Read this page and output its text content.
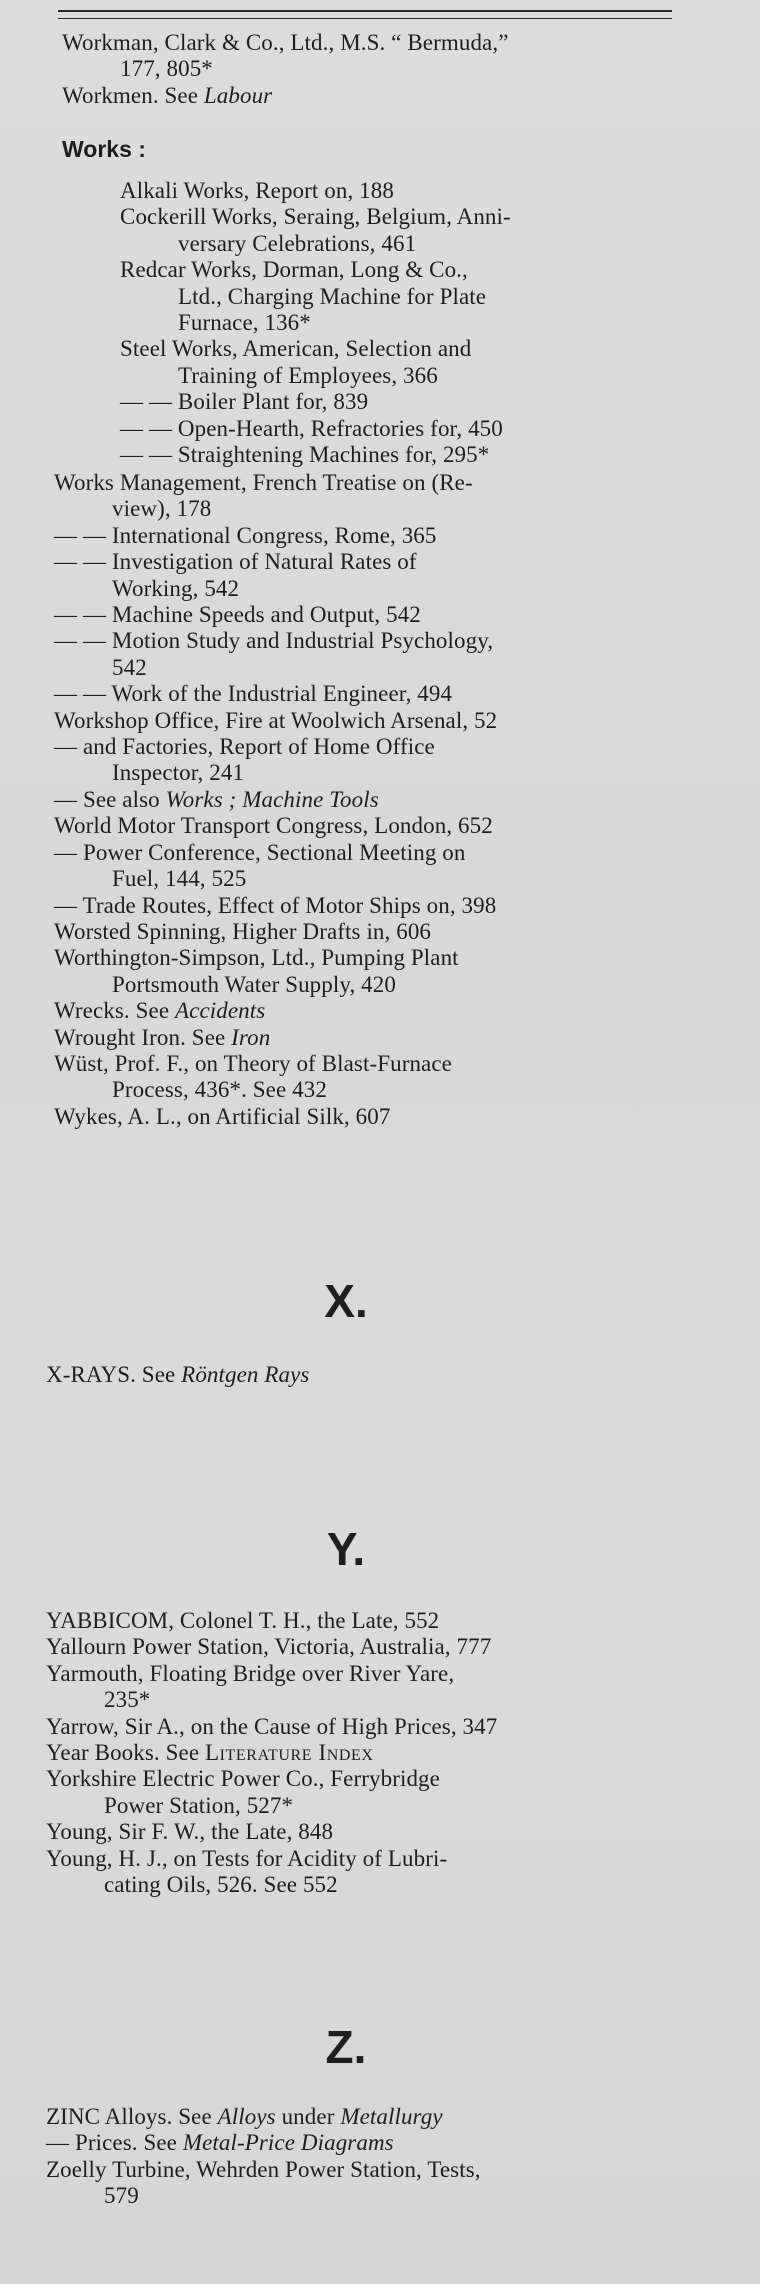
Workman, Clark & Co., Ltd., M.S. “ Bermuda,”
177, 805*
Workmen. See Labour
Works :
Alkali Works, Report on, 188
Cockerill Works, Seraing, Belgium, Anni-
versary Celebrations, 461
Redcar Works, Dorman, Long & Co.,
Ltd., Charging Machine for Plate
Furnace, 136*
Steel Works, American, Selection and
Training of Employees, 366
— — Boiler Plant for, 839
— — Open-Hearth, Refractories for, 450
— — Straightening Machines for, 295*
Works Management, French Treatise on (Re-
view), 178
— — International Congress, Rome, 365
— — Investigation of Natural Rates of
Working, 542
— — Machine Speeds and Output, 542
— — Motion Study and Industrial Psychology,
542
— — Work of the Industrial Engineer, 494
Workshop Office, Fire at Woolwich Arsenal, 52
— and Factories, Report of Home Office
Inspector, 241
— See also Works ; Machine Tools
World Motor Transport Congress, London, 652
— Power Conference, Sectional Meeting on
Fuel, 144, 525
— Trade Routes, Effect of Motor Ships on, 398
Worsted Spinning, Higher Drafts in, 606
Worthington-Simpson, Ltd., Pumping Plant
Portsmouth Water Supply, 420
Wrecks. See Accidents
Wrought Iron. See Iron
Wüst, Prof. F., on Theory of Blast-Furnace
Process, 436*. See 432
Wykes, A. L., on Artificial Silk, 607
X.
X-RAYS. See Röntgen Rays
Y.
YABBICOM, Colonel T. H., the Late, 552
Yallourn Power Station, Victoria, Australia, 777
Yarmouth, Floating Bridge over River Yare,
235*
Yarrow, Sir A., on the Cause of High Prices, 347
Year Books. See Literature Index
Yorkshire Electric Power Co., Ferrybridge
Power Station, 527*
Young, Sir F. W., the Late, 848
Young, H. J., on Tests for Acidity of Lubri-
cating Oils, 526. See 552
Z.
ZINC Alloys. See Alloys under Metallurgy
— Prices. See Metal-Price Diagrams
Zoelly Turbine, Wehrden Power Station, Tests,
579
